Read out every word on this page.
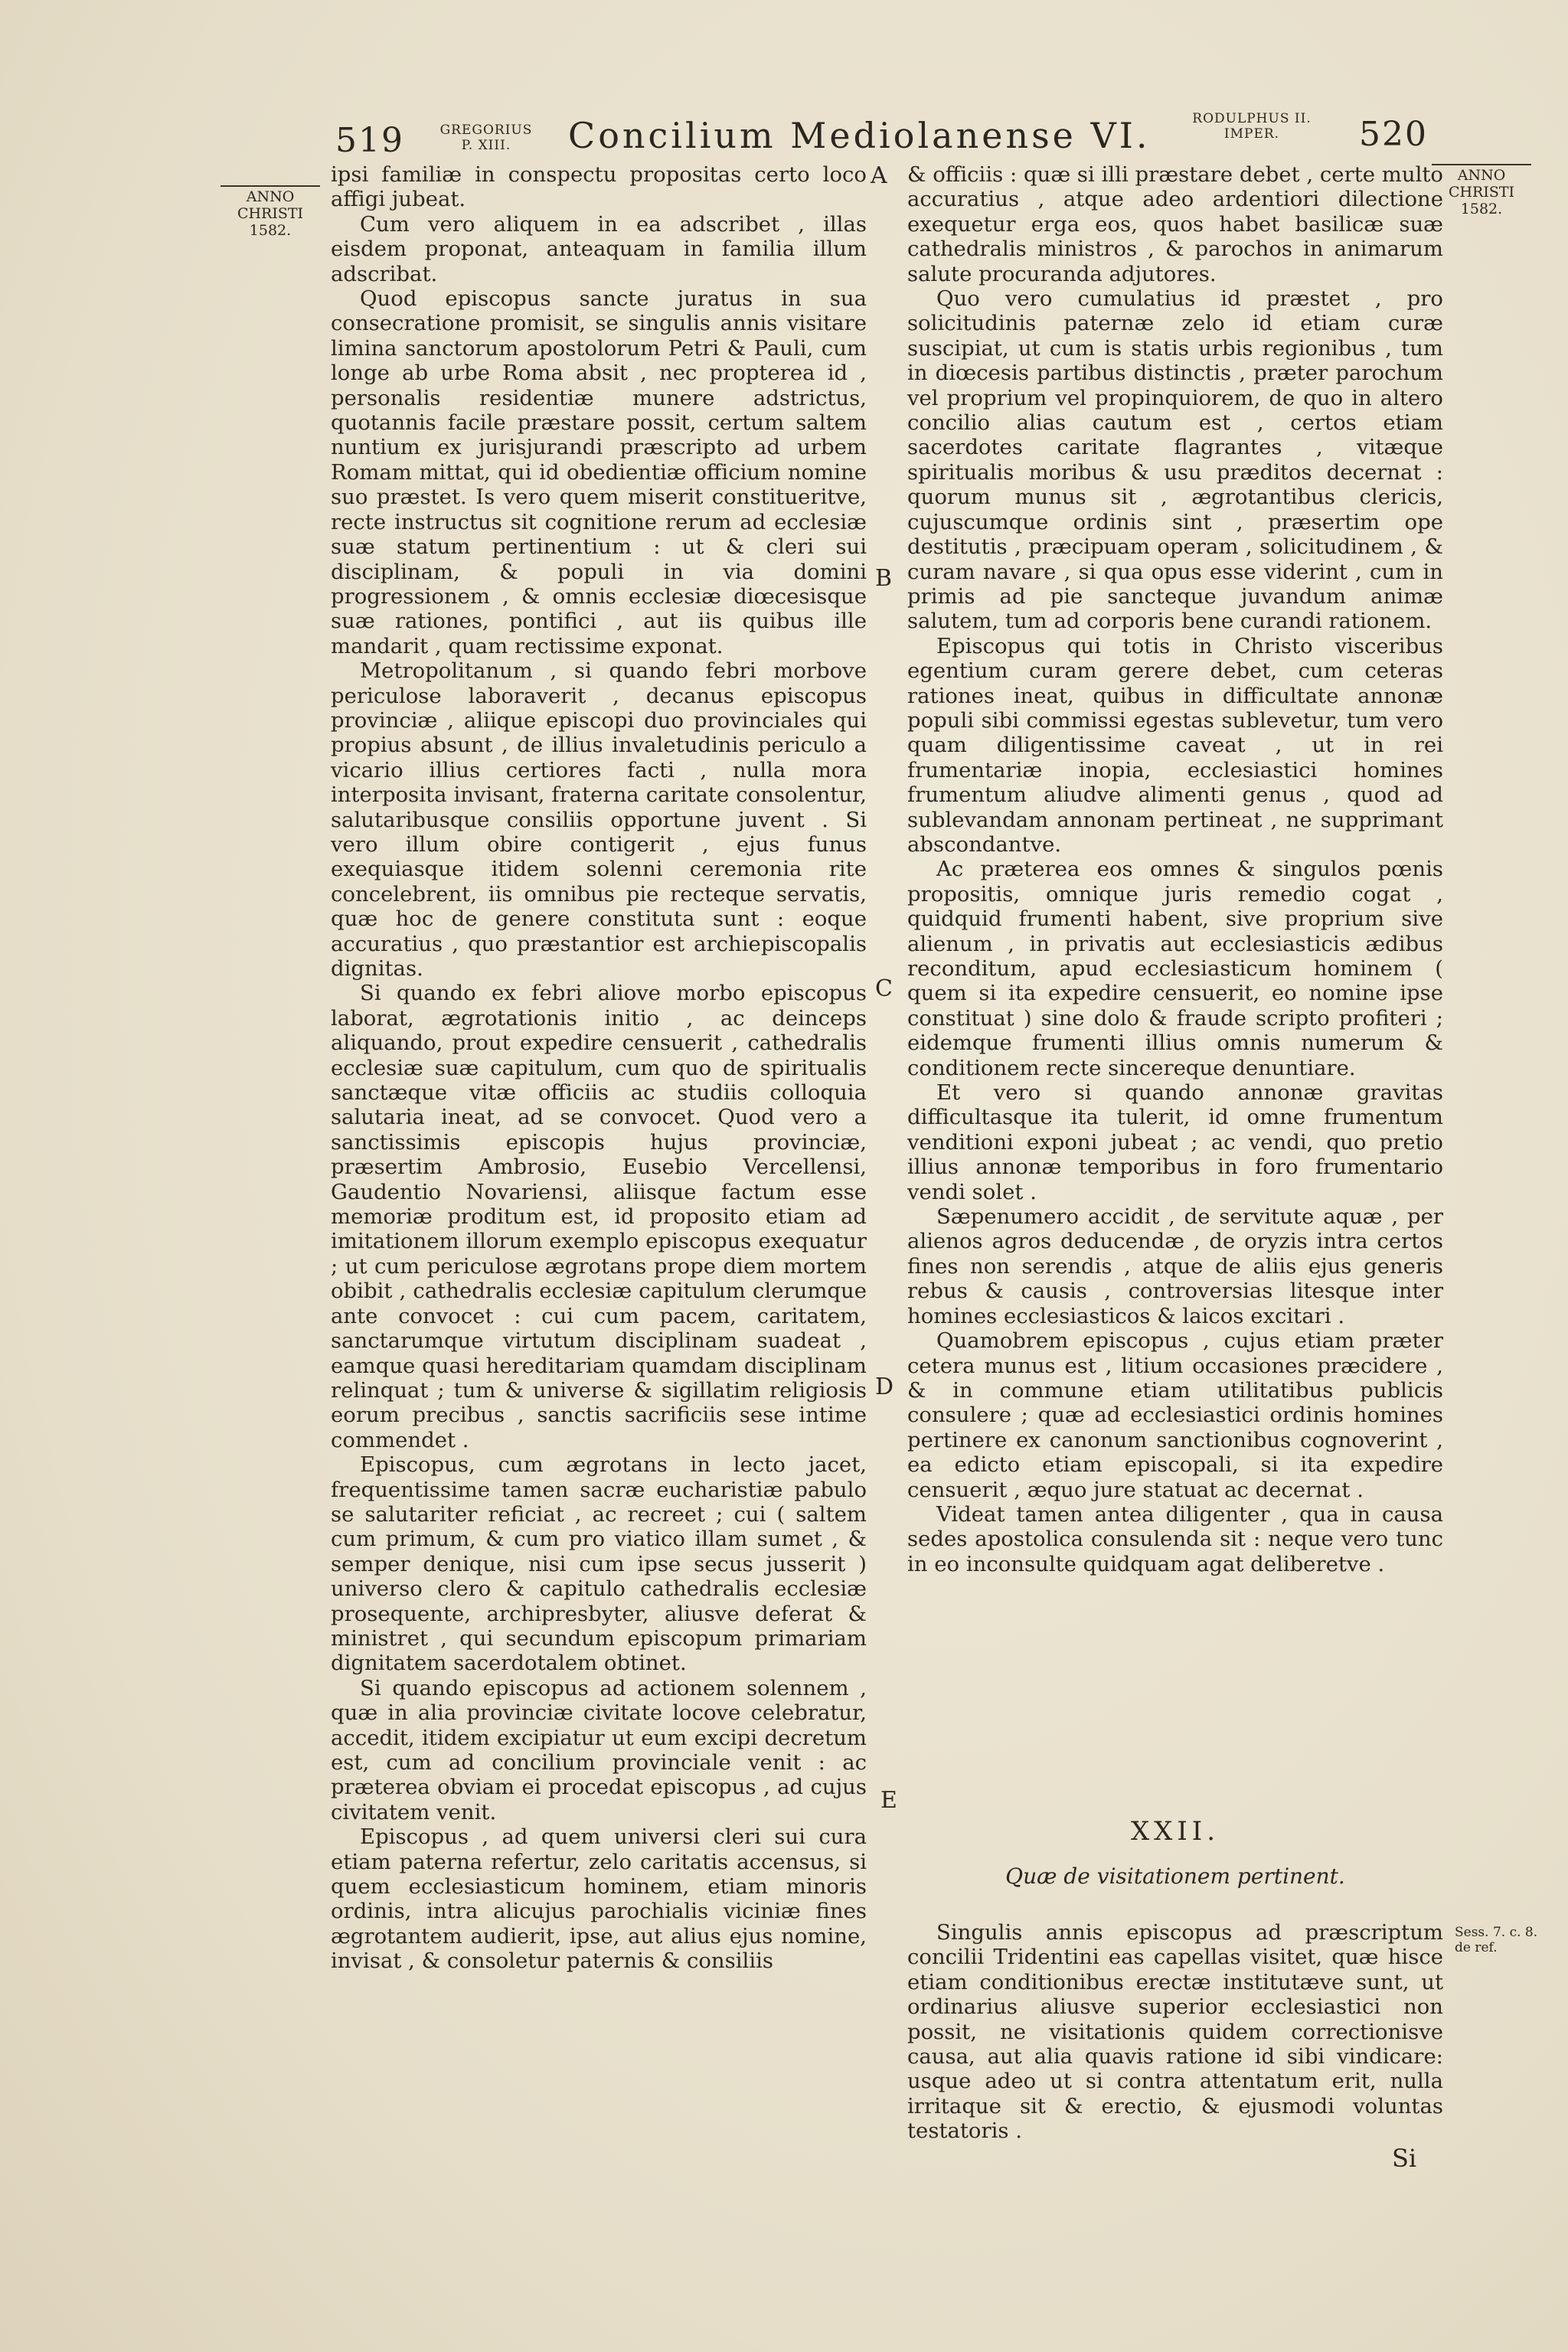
519	GREGORIUS
P. XIII.	Concilium Mediolanense VI.	RODULPHUS II.
IMPER.	520
ANNO
CHRISTI
1582.
ANNO
CHRISTI
1582.
A
B
C
D
E

ipsi familiæ in conspectu propositas certo loco affigi jubeat.

Cum vero aliquem in ea adscribet , illas eisdem proponat, anteaquam in familia illum adscribat.

Quod episcopus sancte juratus in sua consecratione promisit, se singulis annis visitare limina sanctorum apostolorum Petri & Pauli, cum longe ab urbe Roma absit , nec propterea id , personalis residentiæ munere adstrictus, quotannis facile præstare possit, certum saltem nuntium ex jurisjurandi præscripto ad urbem Romam mittat, qui id obedientiæ officium nomine suo præstet. Is vero quem miserit constitueritve, recte instructus sit cognitione rerum ad ecclesiæ suæ statum pertinentium : ut & cleri sui disciplinam, & populi in via domini progressionem , & omnis ecclesiæ diœcesisque suæ rationes, pontifici , aut iis quibus ille mandarit , quam rectissime exponat.

Metropolitanum , si quando febri morbove periculose laboraverit , decanus episcopus provinciæ , aliique episcopi duo provinciales qui propius absunt , de illius invaletudinis periculo a vicario illius certiores facti , nulla mora interposita invisant, fraterna caritate consolentur, salutaribusque consiliis opportune juvent . Si vero illum obire contigerit , ejus funus exequiasque itidem solenni ceremonia rite concelebrent, iis omnibus pie recteque servatis, quæ hoc de genere constituta sunt : eoque accuratius , quo præstantior est archiepiscopalis dignitas.

Si quando ex febri aliove morbo episcopus laborat, ægrotationis initio , ac deinceps aliquando, prout expedire censuerit , cathedralis ecclesiæ suæ capitulum, cum quo de spiritualis sanctæque vitæ officiis ac studiis colloquia salutaria ineat, ad se convocet. Quod vero a sanctissimis episcopis hujus provinciæ, præsertim Ambrosio, Eusebio Vercellensi, Gaudentio Novariensi, aliisque factum esse memoriæ proditum est, id proposito etiam ad imitationem illorum exemplo episcopus exequatur ; ut cum periculose ægrotans prope diem mortem obibit , cathedralis ecclesiæ capitulum clerumque ante convocet : cui cum pacem, caritatem, sanctarumque virtutum disciplinam suadeat , eamque quasi hereditariam quamdam disciplinam relinquat ; tum & universe & sigillatim religiosis eorum precibus , sanctis sacrificiis sese intime commendet .

Episcopus, cum ægrotans in lecto jacet, frequentissime tamen sacræ eucharistiæ pabulo se salutariter reficiat , ac recreet ; cui ( saltem cum primum, & cum pro viatico illam sumet , & semper denique, nisi cum ipse secus jusserit ) universo clero & capitulo cathedralis ecclesiæ prosequente, archipresbyter, aliusve deferat & ministret , qui secundum episcopum primariam dignitatem sacerdotalem obtinet.

Si quando episcopus ad actionem solennem , quæ in alia provinciæ civitate locove celebratur, accedit, itidem excipiatur ut eum excipi decretum est, cum ad concilium provinciale venit : ac præterea obviam ei procedat episcopus , ad cujus civitatem venit.

Episcopus , ad quem universi cleri sui cura etiam paterna refertur, zelo caritatis accensus, si quem ecclesiasticum hominem, etiam minoris ordinis, intra alicujus parochialis viciniæ fines ægrotantem audierit, ipse, aut alius ejus nomine, invisat , & consoletur paternis & consiliis

& officiis : quæ si illi præstare debet , certe multo accuratius , atque adeo ardentiori dilectione exequetur erga eos, quos habet basilicæ suæ cathedralis ministros , & parochos in animarum salute procuranda adjutores.

Quo vero cumulatius id præstet , pro solicitudinis paternæ zelo id etiam curæ suscipiat, ut cum is statis urbis regionibus , tum in diœcesis partibus distinctis , præter parochum vel proprium vel propinquiorem, de quo in altero concilio alias cautum est , certos etiam sacerdotes caritate flagrantes , vitæque spiritualis moribus & usu præditos decernat : quorum munus sit , ægrotantibus clericis, cujuscumque ordinis sint , præsertim ope destitutis , præcipuam operam , solicitudinem , & curam navare , si qua opus esse viderint , cum in primis ad pie sancteque juvandum animæ salutem, tum ad corporis bene curandi rationem.

Episcopus qui totis in Christo visceribus egentium curam gerere debet, cum ceteras rationes ineat, quibus in difficultate annonæ populi sibi commissi egestas sublevetur, tum vero quam diligentissime caveat , ut in rei frumentariæ inopia, ecclesiastici homines frumentum aliudve alimenti genus , quod ad sublevandam annonam pertineat , ne supprimant abscondantve.

Ac præterea eos omnes & singulos pœnis propositis, omnique juris remedio cogat , quidquid frumenti habent, sive proprium sive alienum , in privatis aut ecclesiasticis ædibus reconditum, apud ecclesiasticum hominem ( quem si ita expedire censuerit, eo nomine ipse constituat ) sine dolo & fraude scripto profiteri ; eidemque frumenti illius omnis numerum & conditionem recte sincereque denuntiare.

Et vero si quando annonæ gravitas difficultasque ita tulerit, id omne frumentum venditioni exponi jubeat ; ac vendi, quo pretio illius annonæ temporibus in foro frumentario vendi solet .

Sæpenumero accidit , de servitute aquæ , per alienos agros deducendæ , de oryzis intra certos fines non serendis , atque de aliis ejus generis rebus & causis , controversias litesque inter homines ecclesiasticos & laicos excitari .

Quamobrem episcopus , cujus etiam præter cetera munus est , litium occasiones præcidere , & in commune etiam utilitatibus publicis consulere ; quæ ad ecclesiastici ordinis homines pertinere ex canonum sanctionibus cognoverint , ea edicto etiam episcopali, si ita expedire censuerit , æquo jure statuat ac decernat .

Videat tamen antea diligenter , qua in causa sedes apostolica consulenda sit : neque vero tunc in eo inconsulte quidquam agat deliberetve .

XXII.
Quæ de visitationem pertinent.

Singulis annis episcopus ad præscriptum concilii Tridentini eas capellas visitet, quæ hisce etiam conditionibus erectæ institutæve sunt, ut ordinarius aliusve superior ecclesiastici non possit, ne visitationis quidem correctionisve causa, aut alia quavis ratione id sibi vindicare: usque adeo ut si contra attentatum erit, nulla irritaque sit & erectio, & ejusmodi voluntas testatoris .

Sess. 7. c. 8.
de ref.
Si
